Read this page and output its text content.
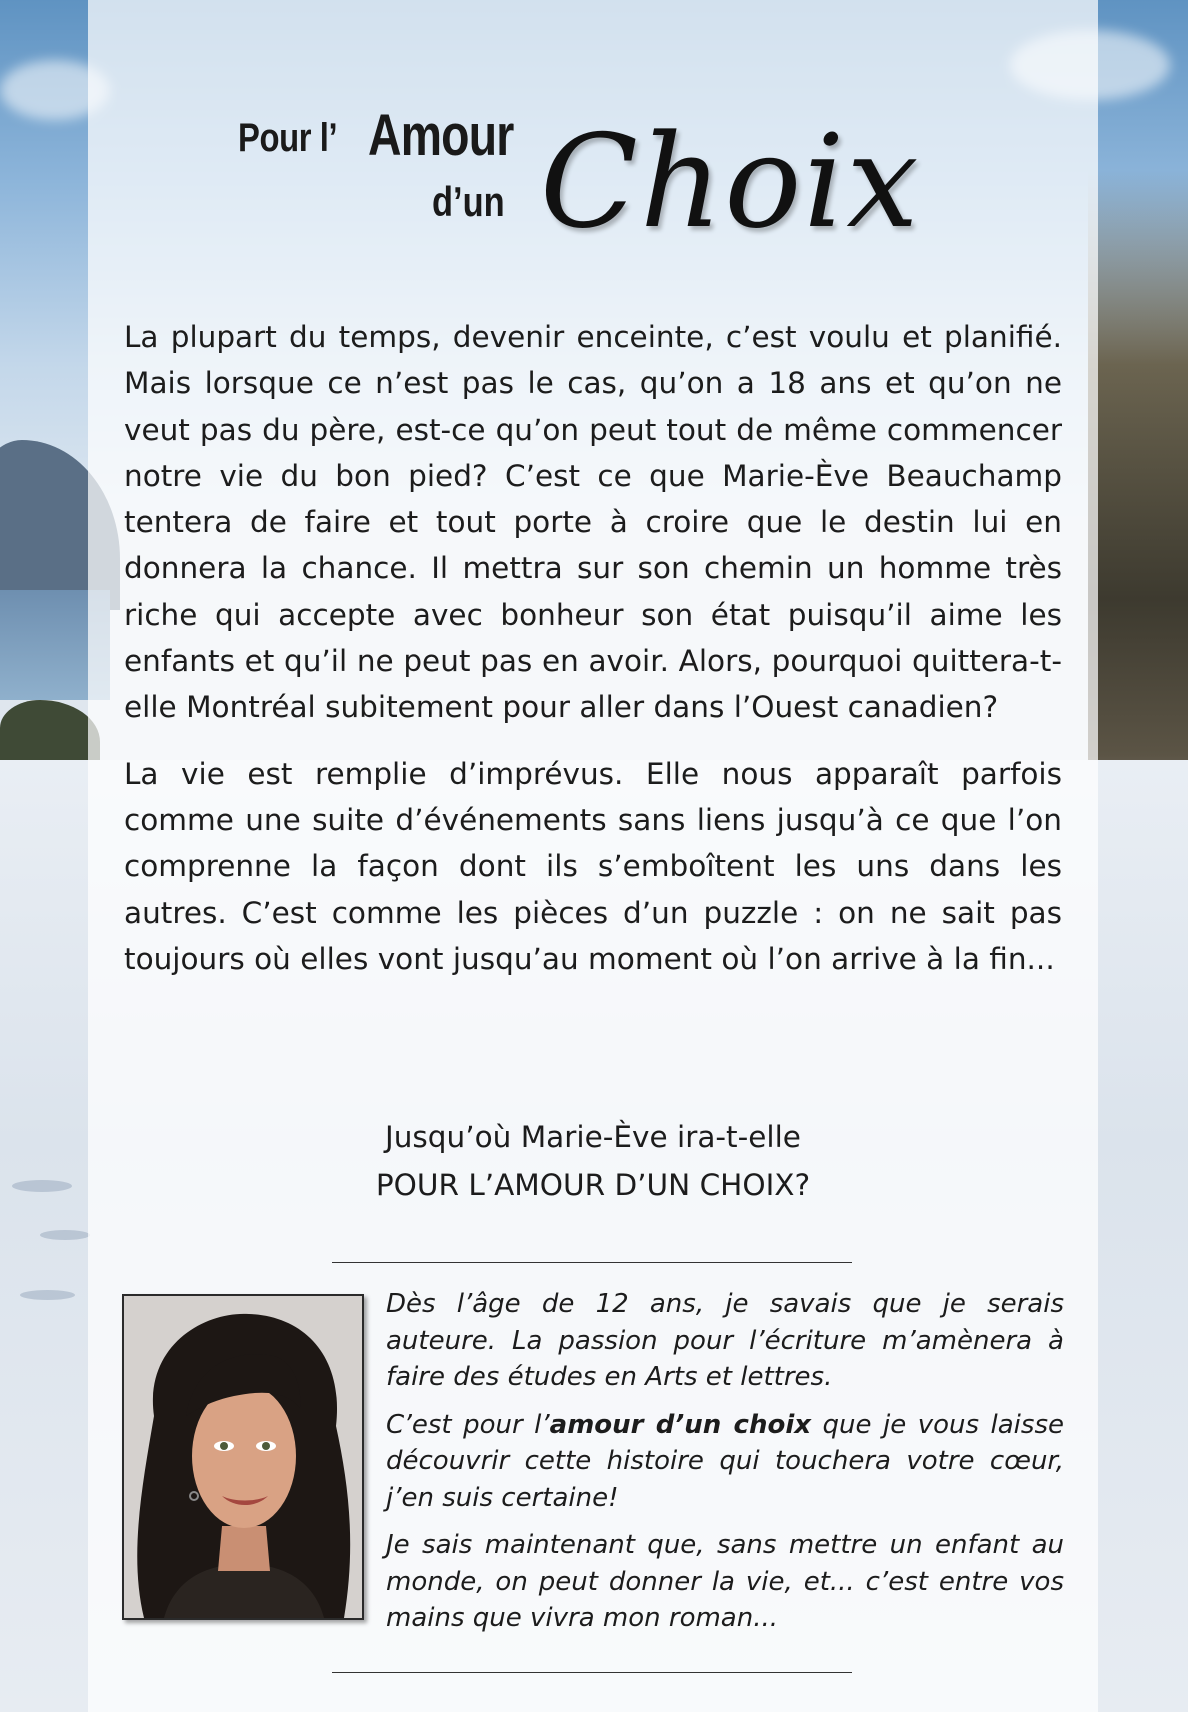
Pour l’ Amour
d’un Choix

La plupart du temps, devenir enceinte, c’est voulu et planifié. Mais lorsque ce n’est pas le cas, qu’on a 18 ans et qu’on ne veut pas du père, est-ce qu’on peut tout de même commencer notre vie du bon pied? C’est ce que Marie-Ève Beauchamp tentera de faire et tout porte à croire que le destin lui en donnera la chance. Il mettra sur son chemin un homme très riche qui accepte avec bonheur son état puisqu’il aime les enfants et qu’il ne peut pas en avoir. Alors, pourquoi quittera-t-elle Montréal subitement pour aller dans l’Ouest canadien?

La vie est remplie d’imprévus. Elle nous apparaît parfois comme une suite d’événements sans liens jusqu’à ce que l’on comprenne la façon dont ils s’emboîtent les uns dans les autres. C’est comme les pièces d’un puzzle : on ne sait pas toujours où elles vont jusqu’au moment où l’on arrive à la fin...

Jusqu’où Marie-Ève ira-t-elle
POUR L’AMOUR D’UN CHOIX?

Dès l’âge de 12 ans, je savais que je serais auteure. La passion pour l’écriture m’amènera à faire des études en Arts et lettres.

C’est pour l’amour d’un choix que je vous laisse découvrir cette histoire qui touchera votre cœur, j’en suis certaine!

Je sais maintenant que, sans mettre un enfant au monde, on peut donner la vie, et... c’est entre vos mains que vivra mon roman...
